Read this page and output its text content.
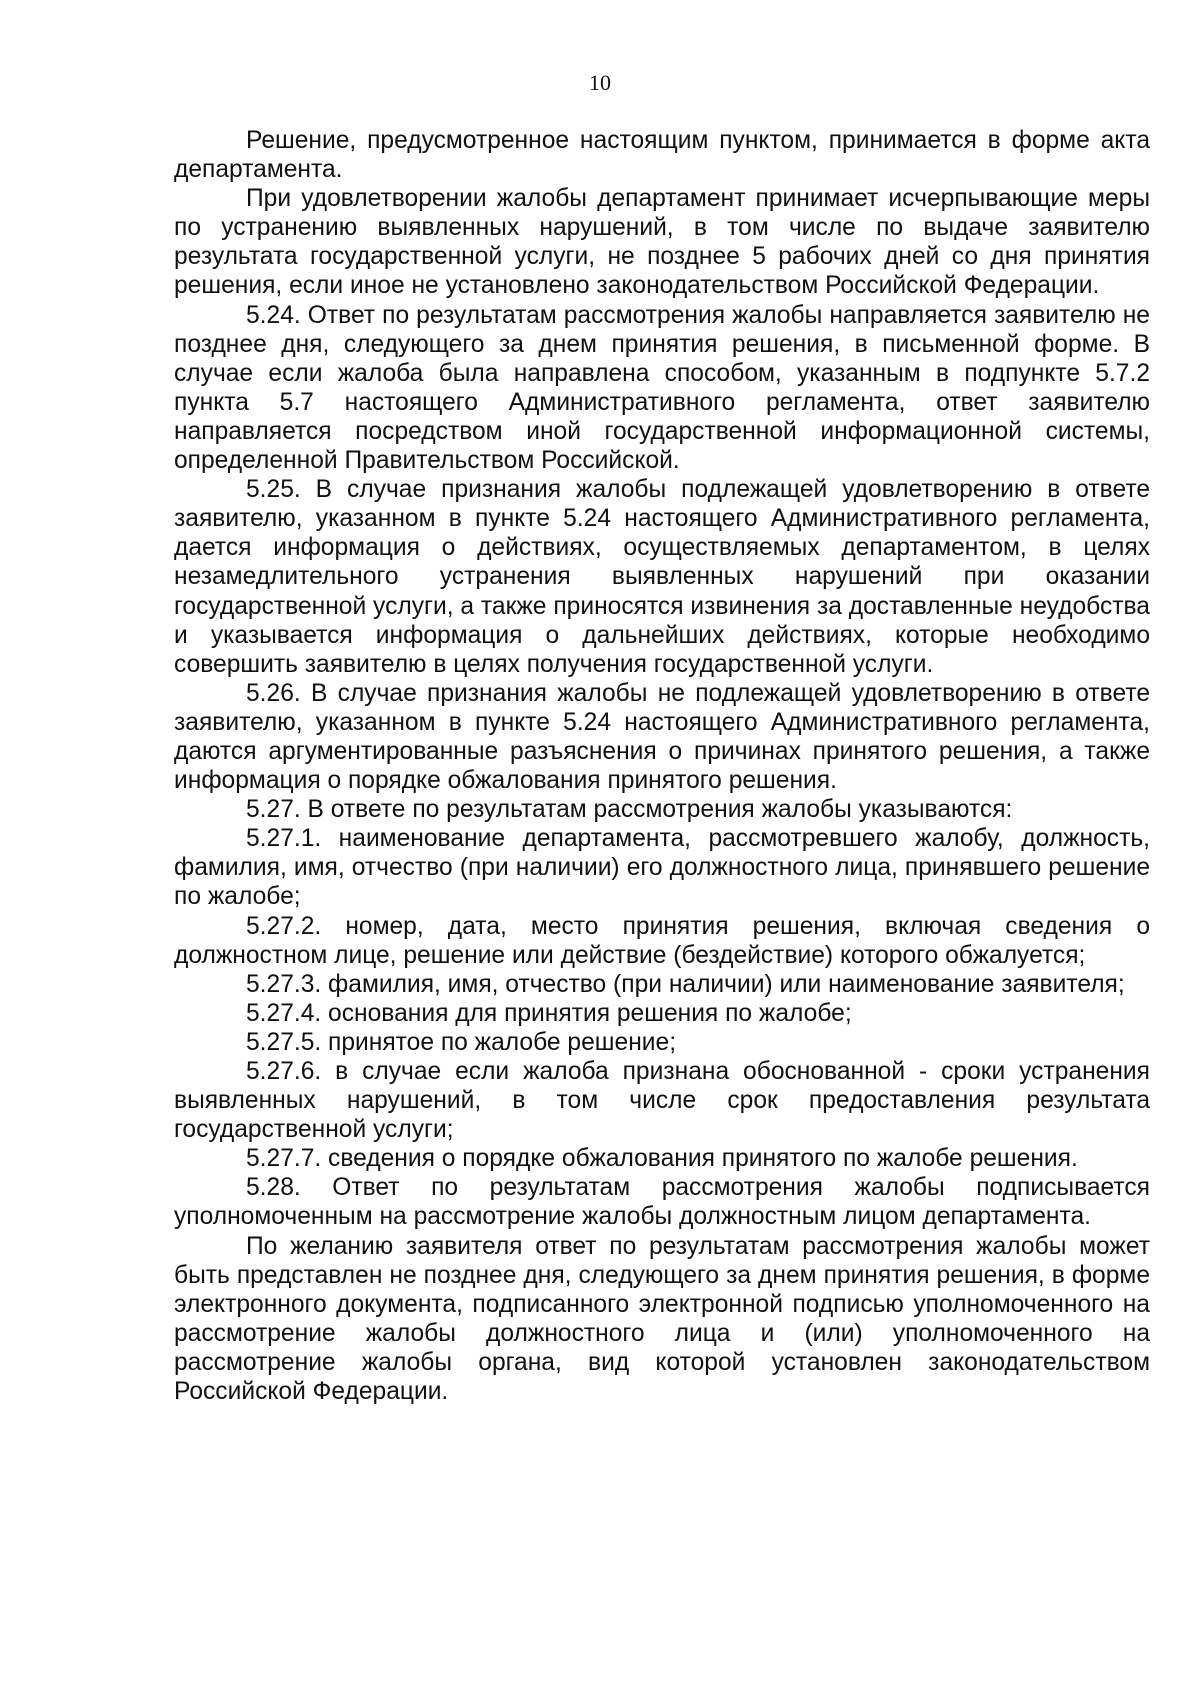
10

Решение, предусмотренное настоящим пунктом, принимается в форме акта департамента.

При удовлетворении жалобы департамент принимает исчерпывающие меры по устранению выявленных нарушений, в том числе по выдаче заявителю результата государственной услуги, не позднее 5 рабочих дней со дня принятия решения, если иное не установлено законодательством Российской Федерации.

5.24. Ответ по результатам рассмотрения жалобы направляется заявителю не позднее дня, следующего за днем принятия решения, в письменной форме. В случае если жалоба была направлена способом, указанным в подпункте 5.7.2 пункта 5.7 настоящего Административного регламента, ответ заявителю направляется посредством иной государственной информационной системы, определенной Правительством Российской.

5.25. В случае признания жалобы подлежащей удовлетворению в ответе заявителю, указанном в пункте 5.24 настоящего Административного регламента, дается информация о действиях, осуществляемых департаментом, в целях незамедлительного устранения выявленных нарушений при оказании государственной услуги, а также приносятся извинения за доставленные неудобства и указывается информация о дальнейших действиях, которые необходимо совершить заявителю в целях получения государственной услуги.

5.26. В случае признания жалобы не подлежащей удовлетворению в ответе заявителю, указанном в пункте 5.24 настоящего Административного регламента, даются аргументированные разъяснения о причинах принятого решения, а также информация о порядке обжалования принятого решения.

5.27. В ответе по результатам рассмотрения жалобы указываются:

5.27.1. наименование департамента, рассмотревшего жалобу, должность, фамилия, имя, отчество (при наличии) его должностного лица, принявшего решение по жалобе;

5.27.2. номер, дата, место принятия решения, включая сведения о должностном лице, решение или действие (бездействие) которого обжалуется;

5.27.3. фамилия, имя, отчество (при наличии) или наименование заявителя;

5.27.4. основания для принятия решения по жалобе;

5.27.5. принятое по жалобе решение;

5.27.6. в случае если жалоба признана обоснованной - сроки устранения выявленных нарушений, в том числе срок предоставления результата государственной услуги;

5.27.7. сведения о порядке обжалования принятого по жалобе решения.

5.28. Ответ по результатам рассмотрения жалобы подписывается уполномоченным на рассмотрение жалобы должностным лицом департамента.

По желанию заявителя ответ по результатам рассмотрения жалобы может быть представлен не позднее дня, следующего за днем принятия решения, в форме электронного документа, подписанного электронной подписью уполномоченного на рассмотрение жалобы должностного лица и (или) уполномоченного на рассмотрение жалобы органа, вид которой установлен законодательством Российской Федерации.
